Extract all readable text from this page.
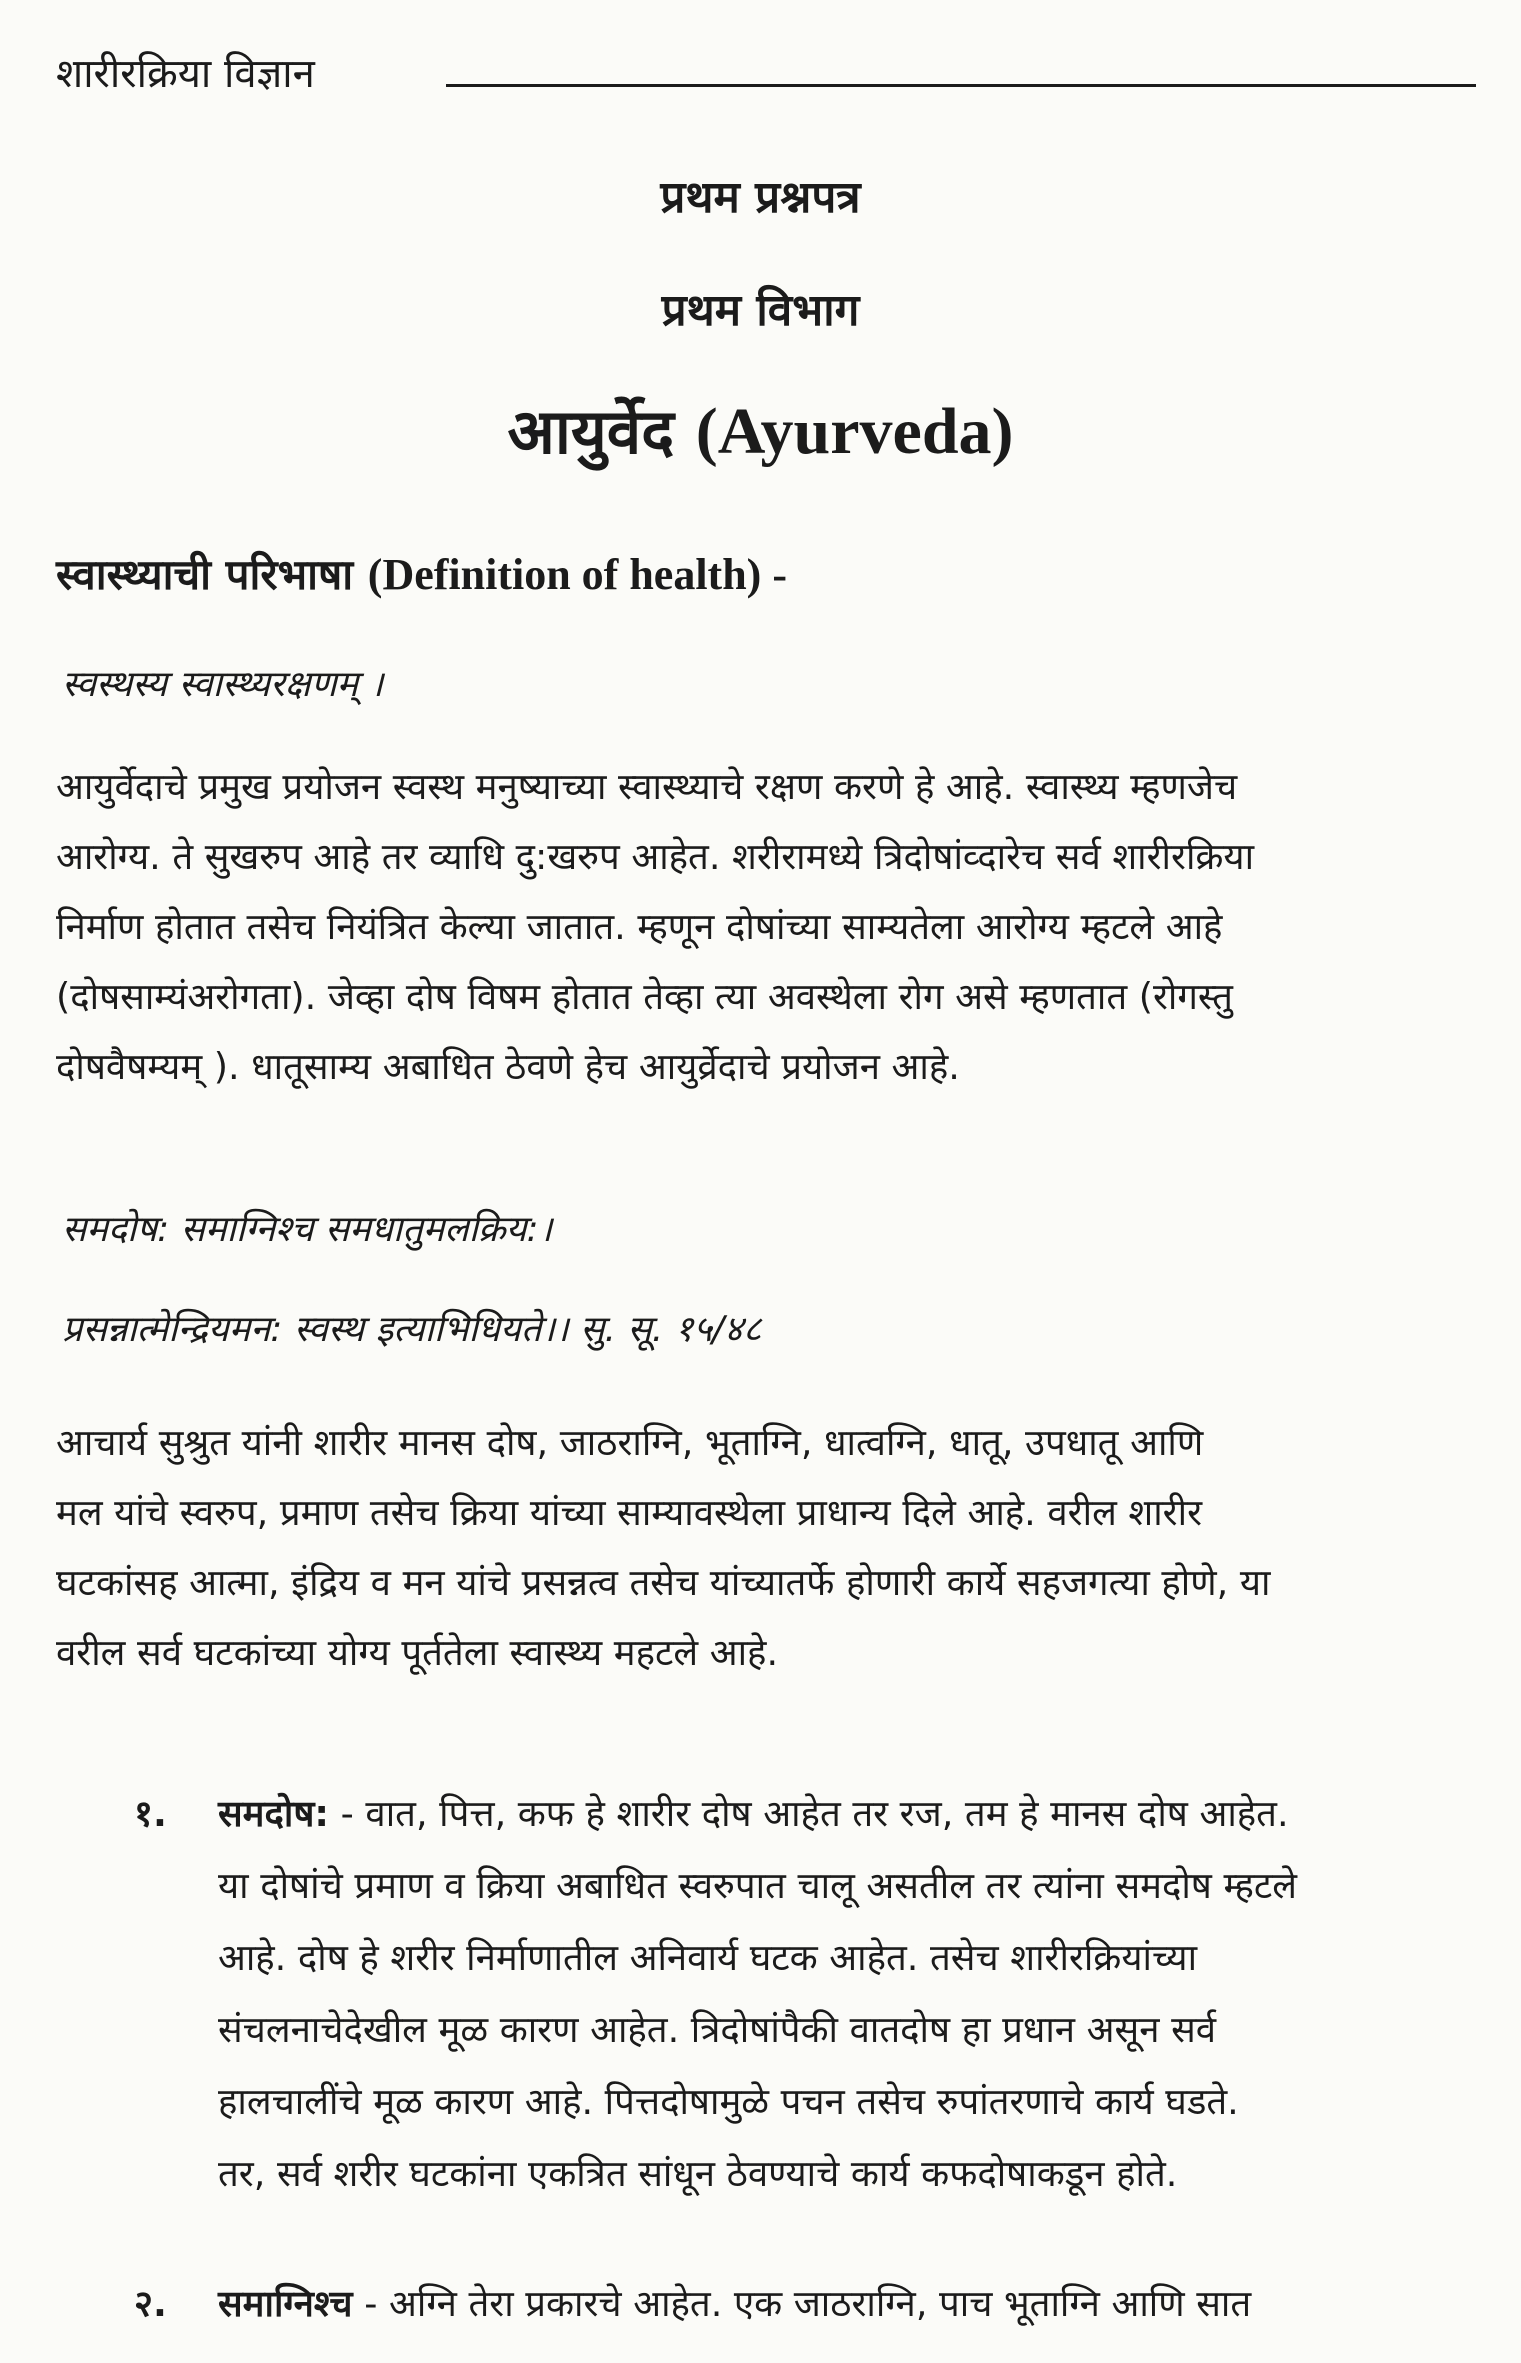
शारीरक्रिया विज्ञान
प्रथम प्रश्नपत्र
प्रथम विभाग
आयुर्वेद (Ayurveda)
स्वास्थ्याची परिभाषा (Definition of health) -
स्वस्थस्य स्वास्थ्यरक्षणम् ।
आयुर्वेदाचे प्रमुख प्रयोजन स्वस्थ मनुष्याच्या स्वास्थ्याचे रक्षण करणे हे आहे. स्वास्थ्य म्हणजेच
आरोग्य. ते सुखरुप आहे तर व्याधि दु:खरुप आहेत. शरीरामध्ये त्रिदोषांव्दारेच सर्व शारीरक्रिया
निर्माण होतात तसेच नियंत्रित केल्या जातात. म्हणून दोषांच्या साम्यतेला आरोग्य म्हटले आहे
(दोषसाम्यंअरोगता). जेव्हा दोष विषम होतात तेव्हा त्या अवस्थेला रोग असे म्हणतात (रोगस्तु
दोषवैषम्यम् ). धातूसाम्य अबाधित ठेवणे हेच आयुर्व्रेदाचे प्रयोजन आहे.
समदोष: समाग्निश्च समधातुमलक्रिय:।
प्रसन्नात्मेन्द्रियमन: स्वस्थ इत्याभिधियते।। सु. सू. १५/४८
आचार्य सुश्रुत यांनी शारीर मानस दोष, जाठराग्नि, भूताग्नि, धात्वग्नि, धातू, उपधातू आणि
मल यांचे स्वरुप, प्रमाण तसेच क्रिया यांच्या साम्यावस्थेला प्राधान्य दिले आहे. वरील शारीर
घटकांसह आत्मा, इंद्रिय व मन यांचे प्रसन्नत्व तसेच यांच्यातर्फे होणारी कार्ये सहजगत्या होणे, या
वरील सर्व घटकांच्या योग्य पूर्ततेला स्वास्थ्य महटले आहे.
१. समदोष: - वात, पित्त, कफ हे शारीर दोष आहेत तर रज, तम हे मानस दोष आहेत.
या दोषांचे प्रमाण व क्रिया अबाधित स्वरुपात चालू असतील तर त्यांना समदोष म्हटले
आहे. दोष हे शरीर निर्माणातील अनिवार्य घटक आहेत. तसेच शारीरक्रियांच्या
संचलनाचेदेखील मूळ कारण आहेत. त्रिदोषांपैकी वातदोष हा प्रधान असून सर्व
हालचालींचे मूळ कारण आहे. पित्तदोषामुळे पचन तसेच रुपांतरणाचे कार्य घडते.
तर, सर्व शरीर घटकांना एकत्रित सांधून ठेवण्याचे कार्य कफदोषाकडून होते.
२. समाग्निश्च - अग्नि तेरा प्रकारचे आहेत. एक जाठराग्नि, पाच भूताग्नि आणि सात
